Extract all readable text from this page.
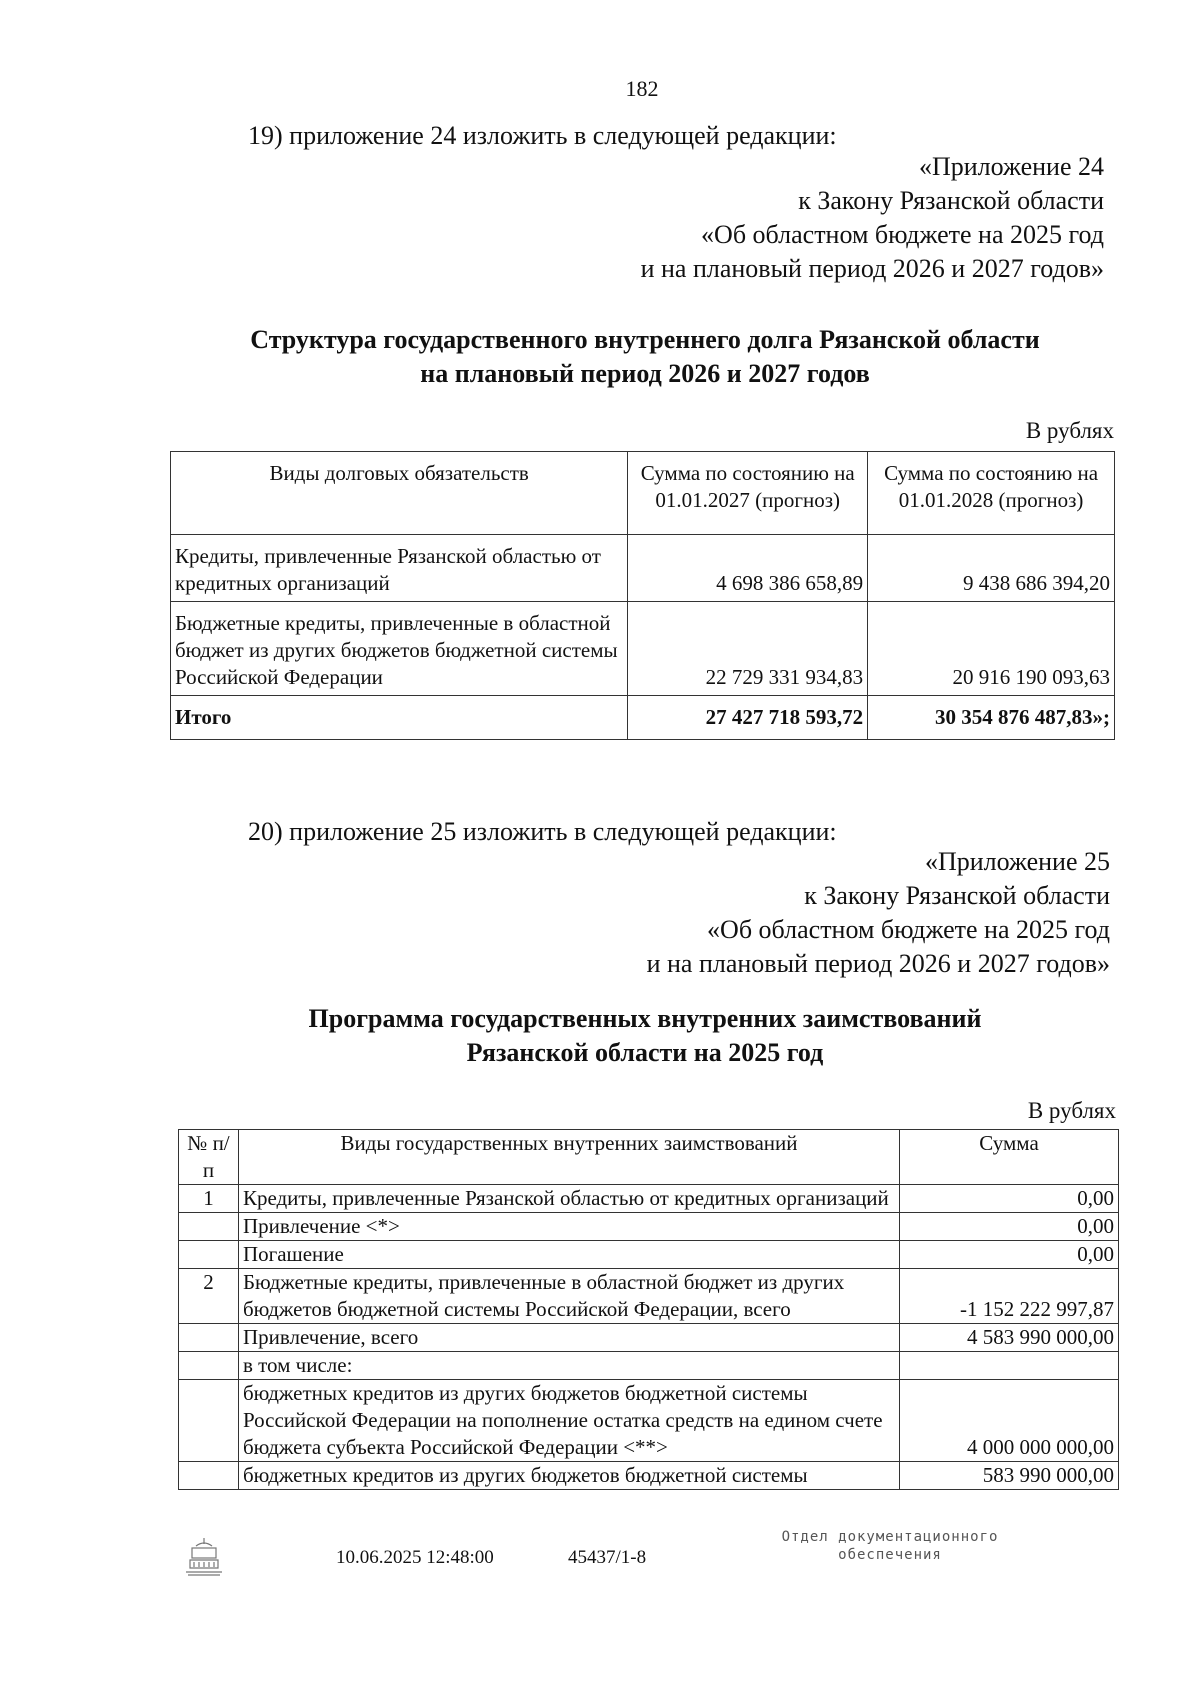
182
19) приложение 24 изложить в следующей редакции:
«Приложение 24
к Закону Рязанской области
«Об областном бюджете на 2025 год
и на плановый период 2026 и 2027 годов»
Структура государственного внутреннего долга Рязанской области
на плановый период 2026 и 2027 годов
В рублях
Виды долговых обязательств	Сумма по состоянию на 01.01.2027 (прогноз)	Сумма по состоянию на 01.01.2028 (прогноз)
Кредиты, привлеченные Рязанской областью от кредитных организаций	4 698 386 658,89	9 438 686 394,20
Бюджетные кредиты, привлеченные в областной бюджет из других бюджетов бюджетной системы Российской Федерации	22 729 331 934,83	20 916 190 093,63
Итого	27 427 718 593,72	30 354 876 487,83»;
20) приложение 25 изложить в следующей редакции:
«Приложение 25
к Закону Рязанской области
«Об областном бюджете на 2025 год
и на плановый период 2026 и 2027 годов»
Программа государственных внутренних заимствований
Рязанской области на 2025 год
В рублях
№ п/п	Виды государственных внутренних заимствований	Сумма
1	Кредиты, привлеченные Рязанской областью от кредитных организаций	0,00
	Привлечение <*>	0,00
	Погашение	0,00
2	Бюджетные кредиты, привлеченные в областной бюджет из других бюджетов бюджетной системы Российской Федерации, всего	-1 152 222 997,87
	Привлечение, всего	4 583 990 000,00
	в том числе:	
	бюджетных кредитов из других бюджетов бюджетной системы Российской Федерации на пополнение остатка средств на едином счете бюджета субъекта Российской Федерации <**>	4 000 000 000,00
	бюджетных кредитов из других бюджетов бюджетной системы	583 990 000,00
10.06.2025 12:48:00	45437/1-8
Отдел документационного
обеспечения
